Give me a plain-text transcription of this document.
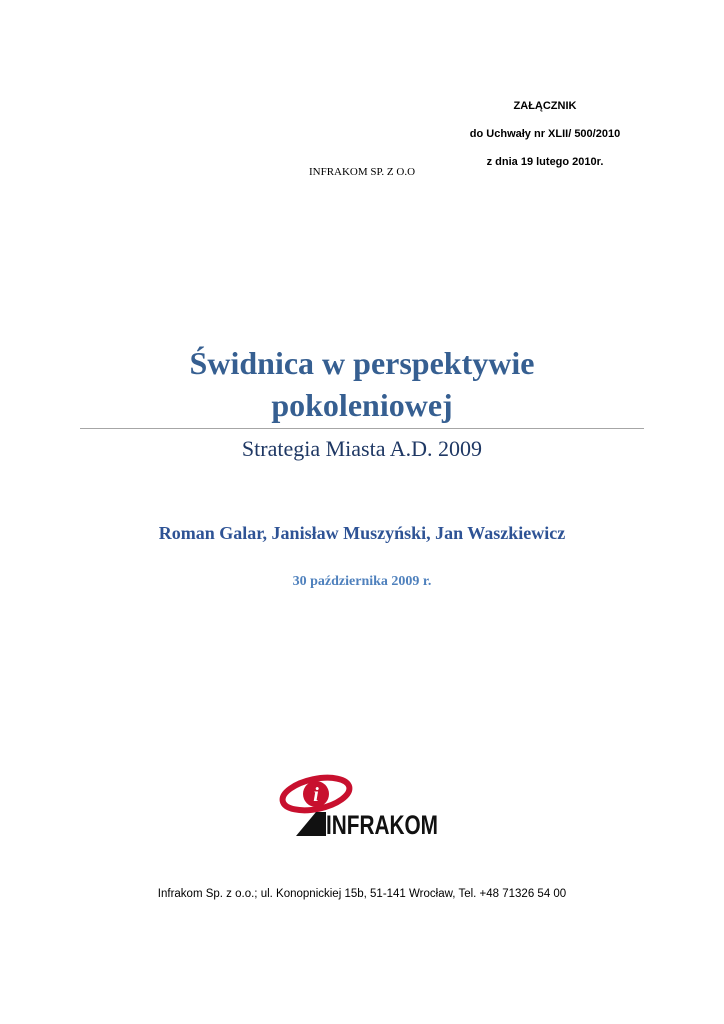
ZAŁĄCZNIK
do Uchwały nr XLII/ 500/2010
z dnia 19 lutego 2010r.
INFRAKOM SP. Z O.O
Świdnica w perspektywie
pokoleniowej
Strategia Miasta A.D. 2009
Roman Galar, Janisław Muszyński, Jan Waszkiewicz
30 października 2009 r.
i
INFRAKOM
Infrakom Sp. z o.o.; ul. Konopnickiej 15b, 51-141 Wrocław, Tel. +48 71326 54 00
